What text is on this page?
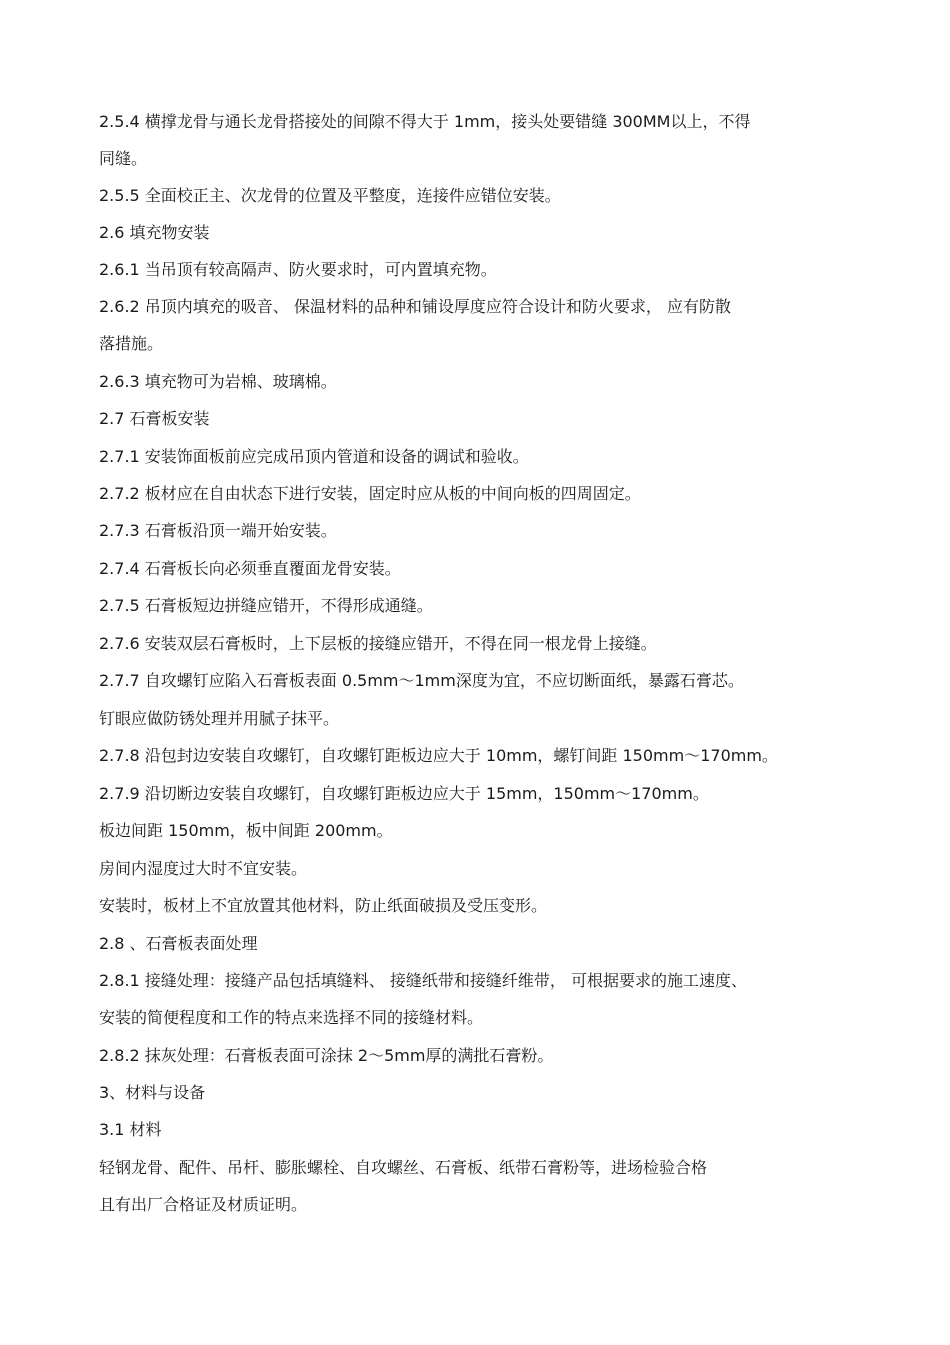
2.5.4 横撑龙骨与通长龙骨搭接处的间隙不得大于 1mm，接头处要错缝 300MM以上，不得
同缝。
2.5.5 全面校正主、次龙骨的位置及平整度，连接件应错位安装。
2.6 填充物安装
2.6.1 当吊顶有较高隔声、防火要求时，可内置填充物。
2.6.2 吊顶内填充的吸音、 保温材料的品种和铺设厚度应符合设计和防火要求， 应有防散
落措施。
2.6.3 填充物可为岩棉、玻璃棉。
2.7 石膏板安装
2.7.1 安装饰面板前应完成吊顶内管道和设备的调试和验收。
2.7.2 板材应在自由状态下进行安装，固定时应从板的中间向板的四周固定。
2.7.3 石膏板沿顶一端开始安装。
2.7.4 石膏板长向必须垂直覆面龙骨安装。
2.7.5 石膏板短边拼缝应错开，不得形成通缝。
2.7.6 安装双层石膏板时，上下层板的接缝应错开，不得在同一根龙骨上接缝。
2.7.7 自攻螺钉应陷入石膏板表面 0.5mm～1mm深度为宜，不应切断面纸，暴露石膏芯。
钉眼应做防锈处理并用腻子抹平。
2.7.8 沿包封边安装自攻螺钉，自攻螺钉距板边应大于 10mm，螺钉间距 150mm～170mm。
2.7.9 沿切断边安装自攻螺钉，自攻螺钉距板边应大于 15mm，150mm～170mm。
板边间距 150mm，板中间距 200mm。
房间内湿度过大时不宜安装。
安装时，板材上不宜放置其他材料，防止纸面破损及受压变形。
2.8 、石膏板表面处理
2.8.1 接缝处理：接缝产品包括填缝料、 接缝纸带和接缝纤维带， 可根据要求的施工速度、
安装的简便程度和工作的特点来选择不同的接缝材料。
2.8.2 抹灰处理：石膏板表面可涂抹 2～5mm厚的满批石膏粉。
3、材料与设备
3.1 材料
轻钢龙骨、配件、吊杆、膨胀螺栓、自攻螺丝、石膏板、纸带石膏粉等，进场检验合格
且有出厂合格证及材质证明。
